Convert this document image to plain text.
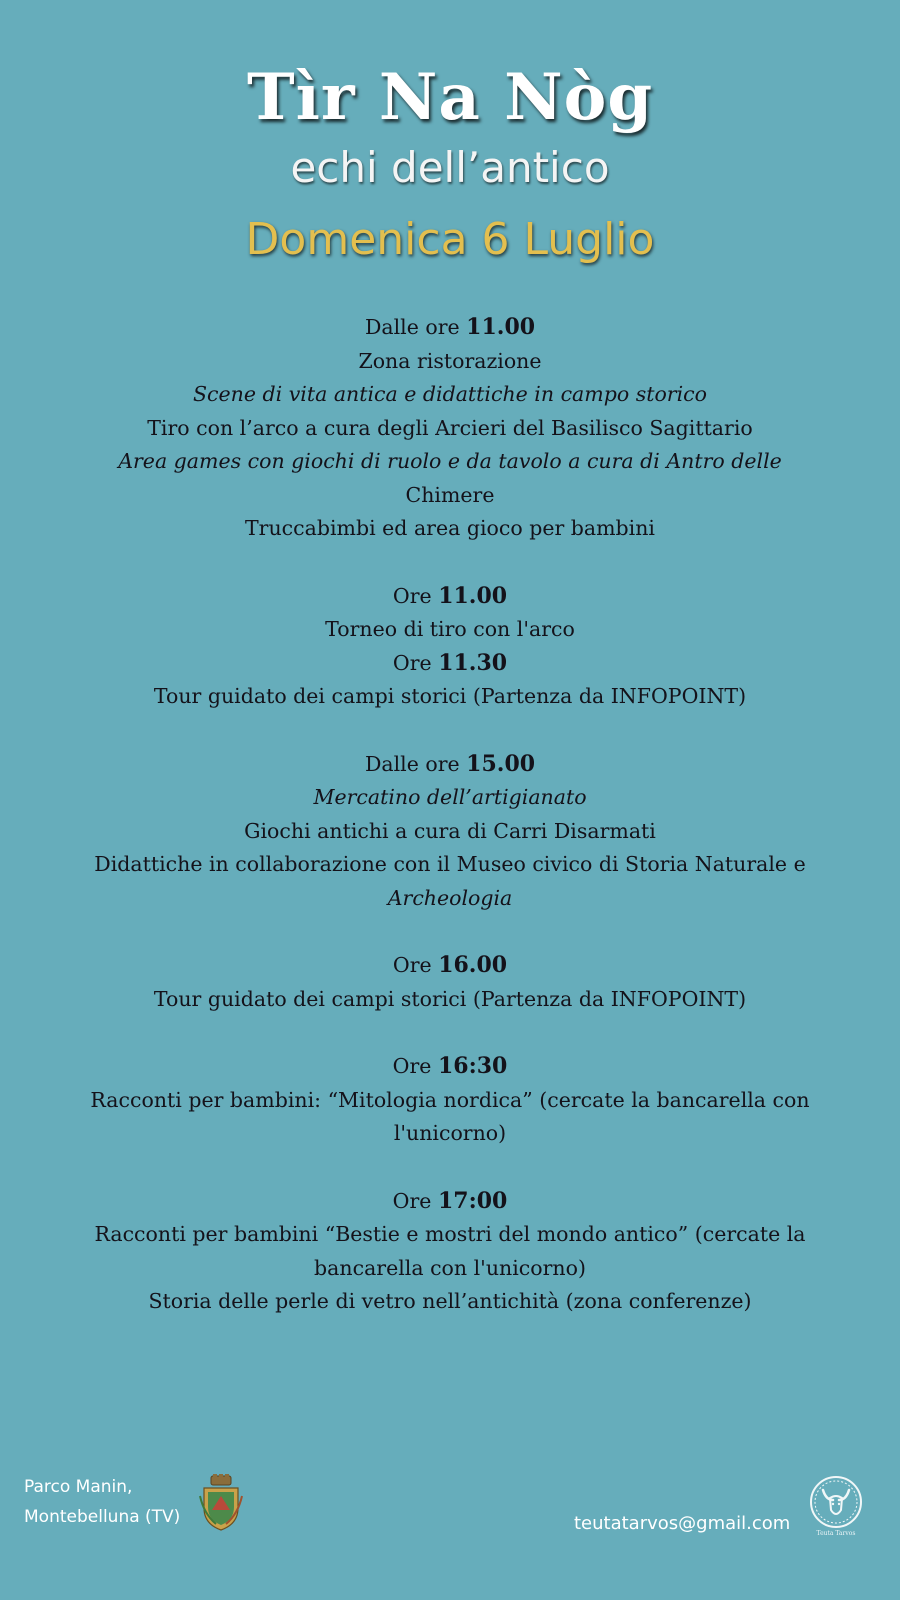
Tìr Na Nòg
echi dell’antico
Domenica 6 Luglio
Dalle ore 11.00
Zona ristorazione
Scene di vita antica e didattiche in campo storico
Tiro con l’arco a cura degli Arcieri del Basilisco Sagittario
Area games con giochi di ruolo e da tavolo a cura di Antro delle
Chimere
Truccabimbi ed area gioco per bambini
Ore 11.00
Torneo di tiro con l'arco
Ore 11.30
Tour guidato dei campi storici (Partenza da INFOPOINT)
Dalle ore 15.00
Mercatino dell’artigianato
Giochi antichi a cura di Carri Disarmati
Didattiche in collaborazione con il Museo civico di Storia Naturale e
Archeologia
Ore 16.00
Tour guidato dei campi storici (Partenza da INFOPOINT)
Ore 16:30
Racconti per bambini: “Mitologia nordica” (cercate la bancarella con
l'unicorno)
Ore 17:00
Racconti per bambini “Bestie e mostri del mondo antico” (cercate la
bancarella con l'unicorno)
Storia delle perle di vetro nell’antichità (zona conferenze)
Parco Manin,
Montebelluna (TV)	teutatarvos@gmail.com	Teuta Tarvos
